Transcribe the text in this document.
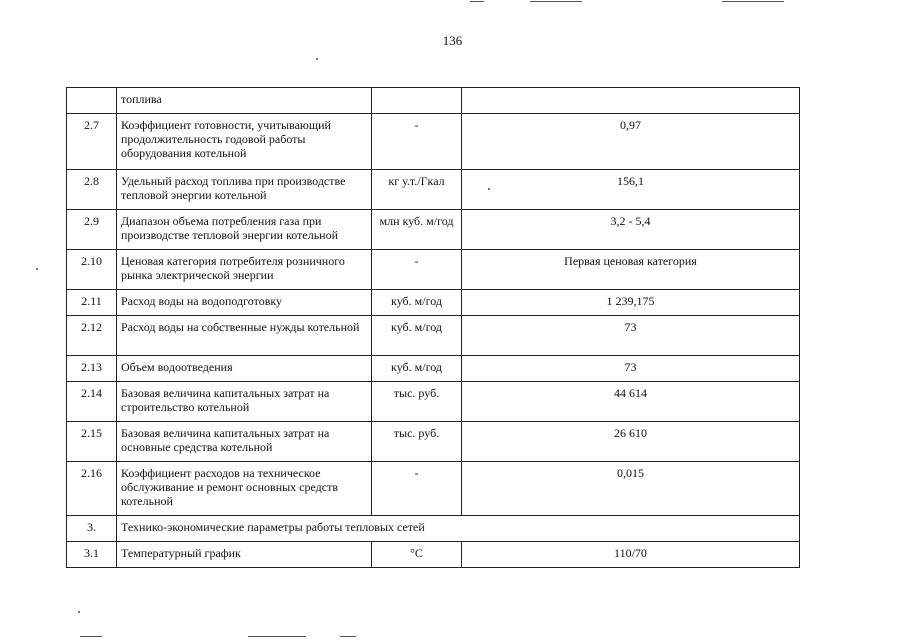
136
	топлива		
2.7	Коэффициент готовности, учитывающий продолжительность годовой работы оборудования котельной	-	0,97
2.8	Удельный расход топлива при производстве тепловой энергии котельной	кг у.т./Гкал	156,1
2.9	Диапазон объема потребления газа при производстве тепловой энергии котельной	млн куб. м/год	3,2 - 5,4
2.10	Ценовая категория потребителя розничного рынка электрической энергии	-	Первая ценовая категория
2.11	Расход воды на водоподготовку	куб. м/год	1 239,175
2.12	Расход воды на собственные нужды котельной	куб. м/год	73
2.13	Объем водоотведения	куб. м/год	73
2.14	Базовая величина капитальных затрат на строительство котельной	тыс. руб.	44 614
2.15	Базовая величина капитальных затрат на основные средства котельной	тыс. руб.	26 610
2.16	Коэффициент расходов на техническое обслуживание и ремонт основных средств котельной	-	0,015
3.	Технико-экономические параметры работы тепловых сетей		
3.1	Температурный график	°C	110/70
